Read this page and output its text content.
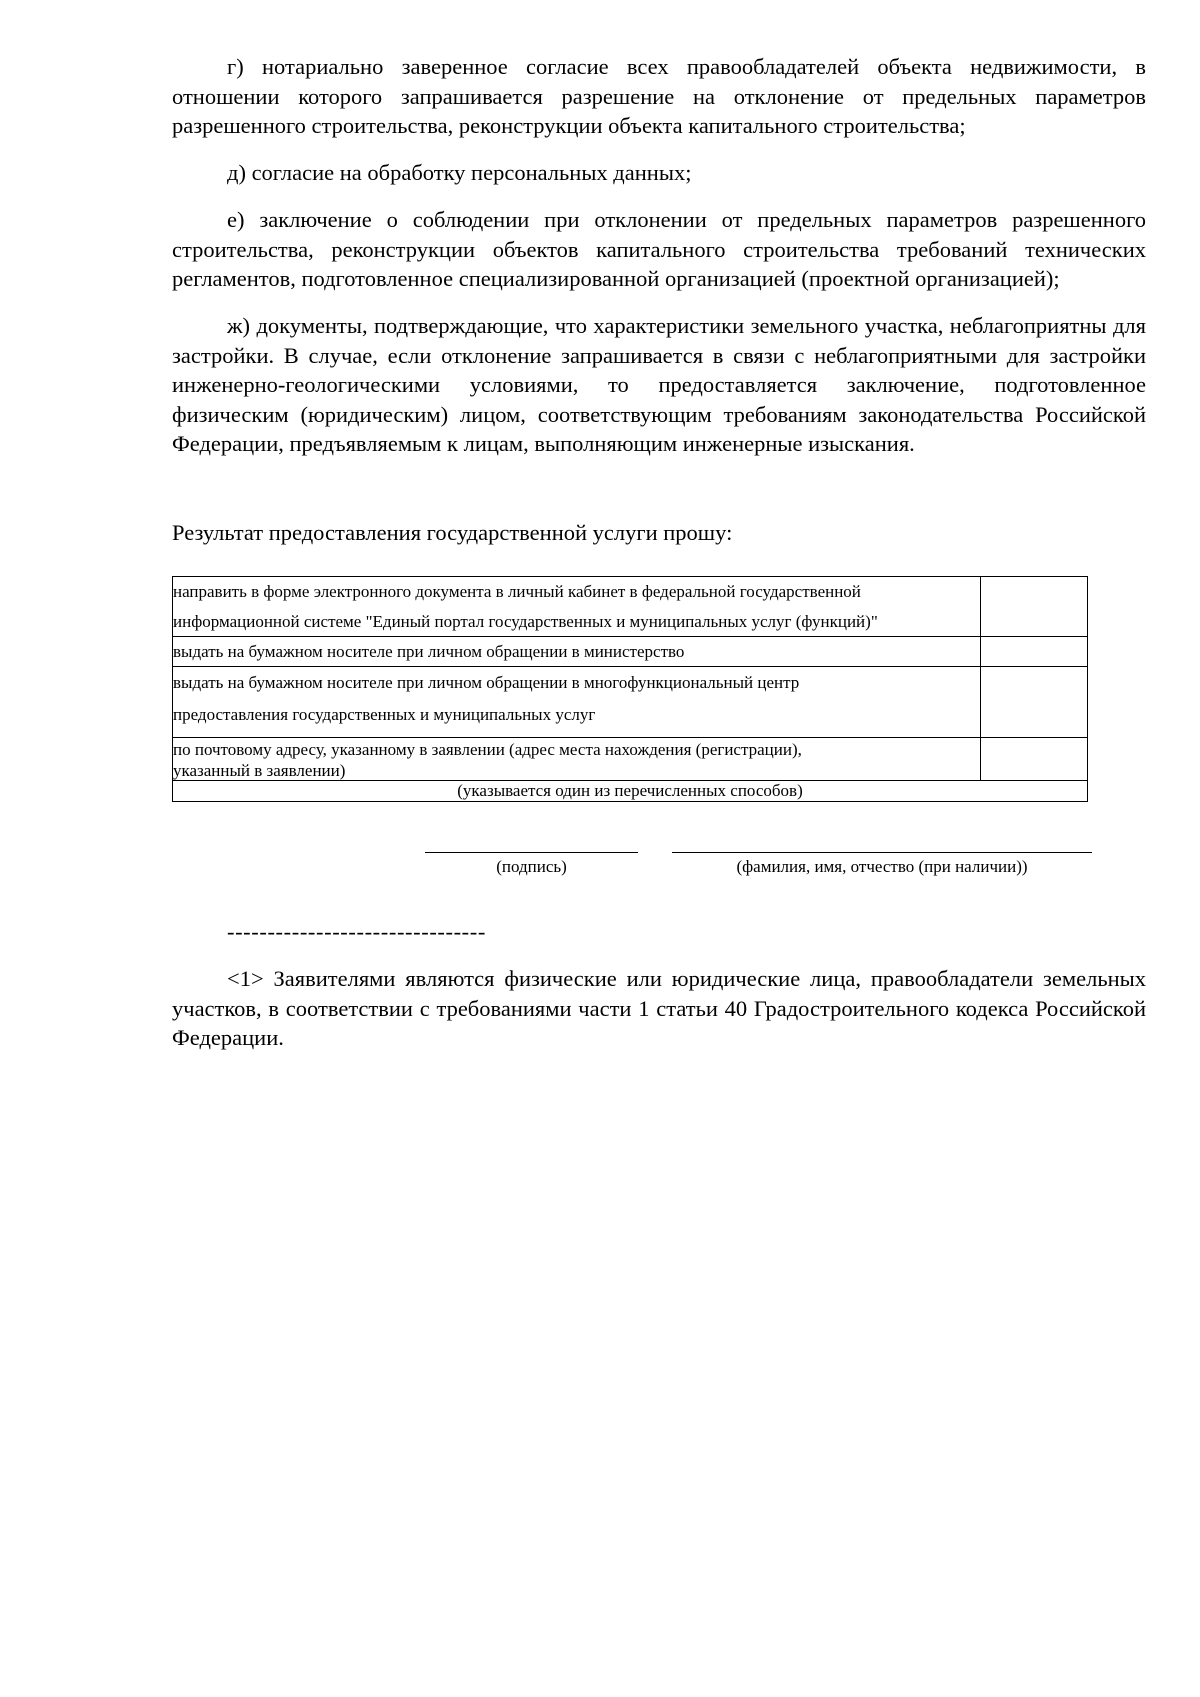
г) нотариально заверенное согласие всех правообладателей объекта недвижимости, в отношении которого запрашивается разрешение на отклонение от предельных параметров разрешенного строительства, реконструкции объекта капитального строительства;

д) согласие на обработку персональных данных;

е) заключение о соблюдении при отклонении от предельных параметров разрешенного строительства, реконструкции объектов капитального строительства требований технических регламентов, подготовленное специализированной организацией (проектной организацией);

ж) документы, подтверждающие, что характеристики земельного участка, неблагоприятны для застройки. В случае, если отклонение запрашивается в связи с неблагоприятными для застройки инженерно-геологическими условиями, то предоставляется заключение, подготовленное физическим (юридическим) лицом, соответствующим требованиям законодательства Российской Федерации, предъявляемым к лицам, выполняющим инженерные изыскания.

Результат предоставления государственной услуги прошу:

направить в форме электронного документа в личный кабинет в федеральной государственной
информационной системе "Единый портал государственных и муниципальных услуг (функций)"	

выдать на бумажном носителе при личном обращении в министерство	

выдать на бумажном носителе при личном обращении в многофункциональный центр
предоставления государственных и муниципальных услуг	

по почтовому адресу, указанному в заявлении (адрес места нахождения (регистрации),
указанный в заявлении)	

(указывается один из перечисленных способов)	
(подпись)	(фамилия, имя, отчество (при наличии))

--------------------------------

<1> Заявителями являются физические или юридические лица, правообладатели земельных участков, в соответствии с требованиями части 1 статьи 40 Градостроительного кодекса Российской Федерации.
